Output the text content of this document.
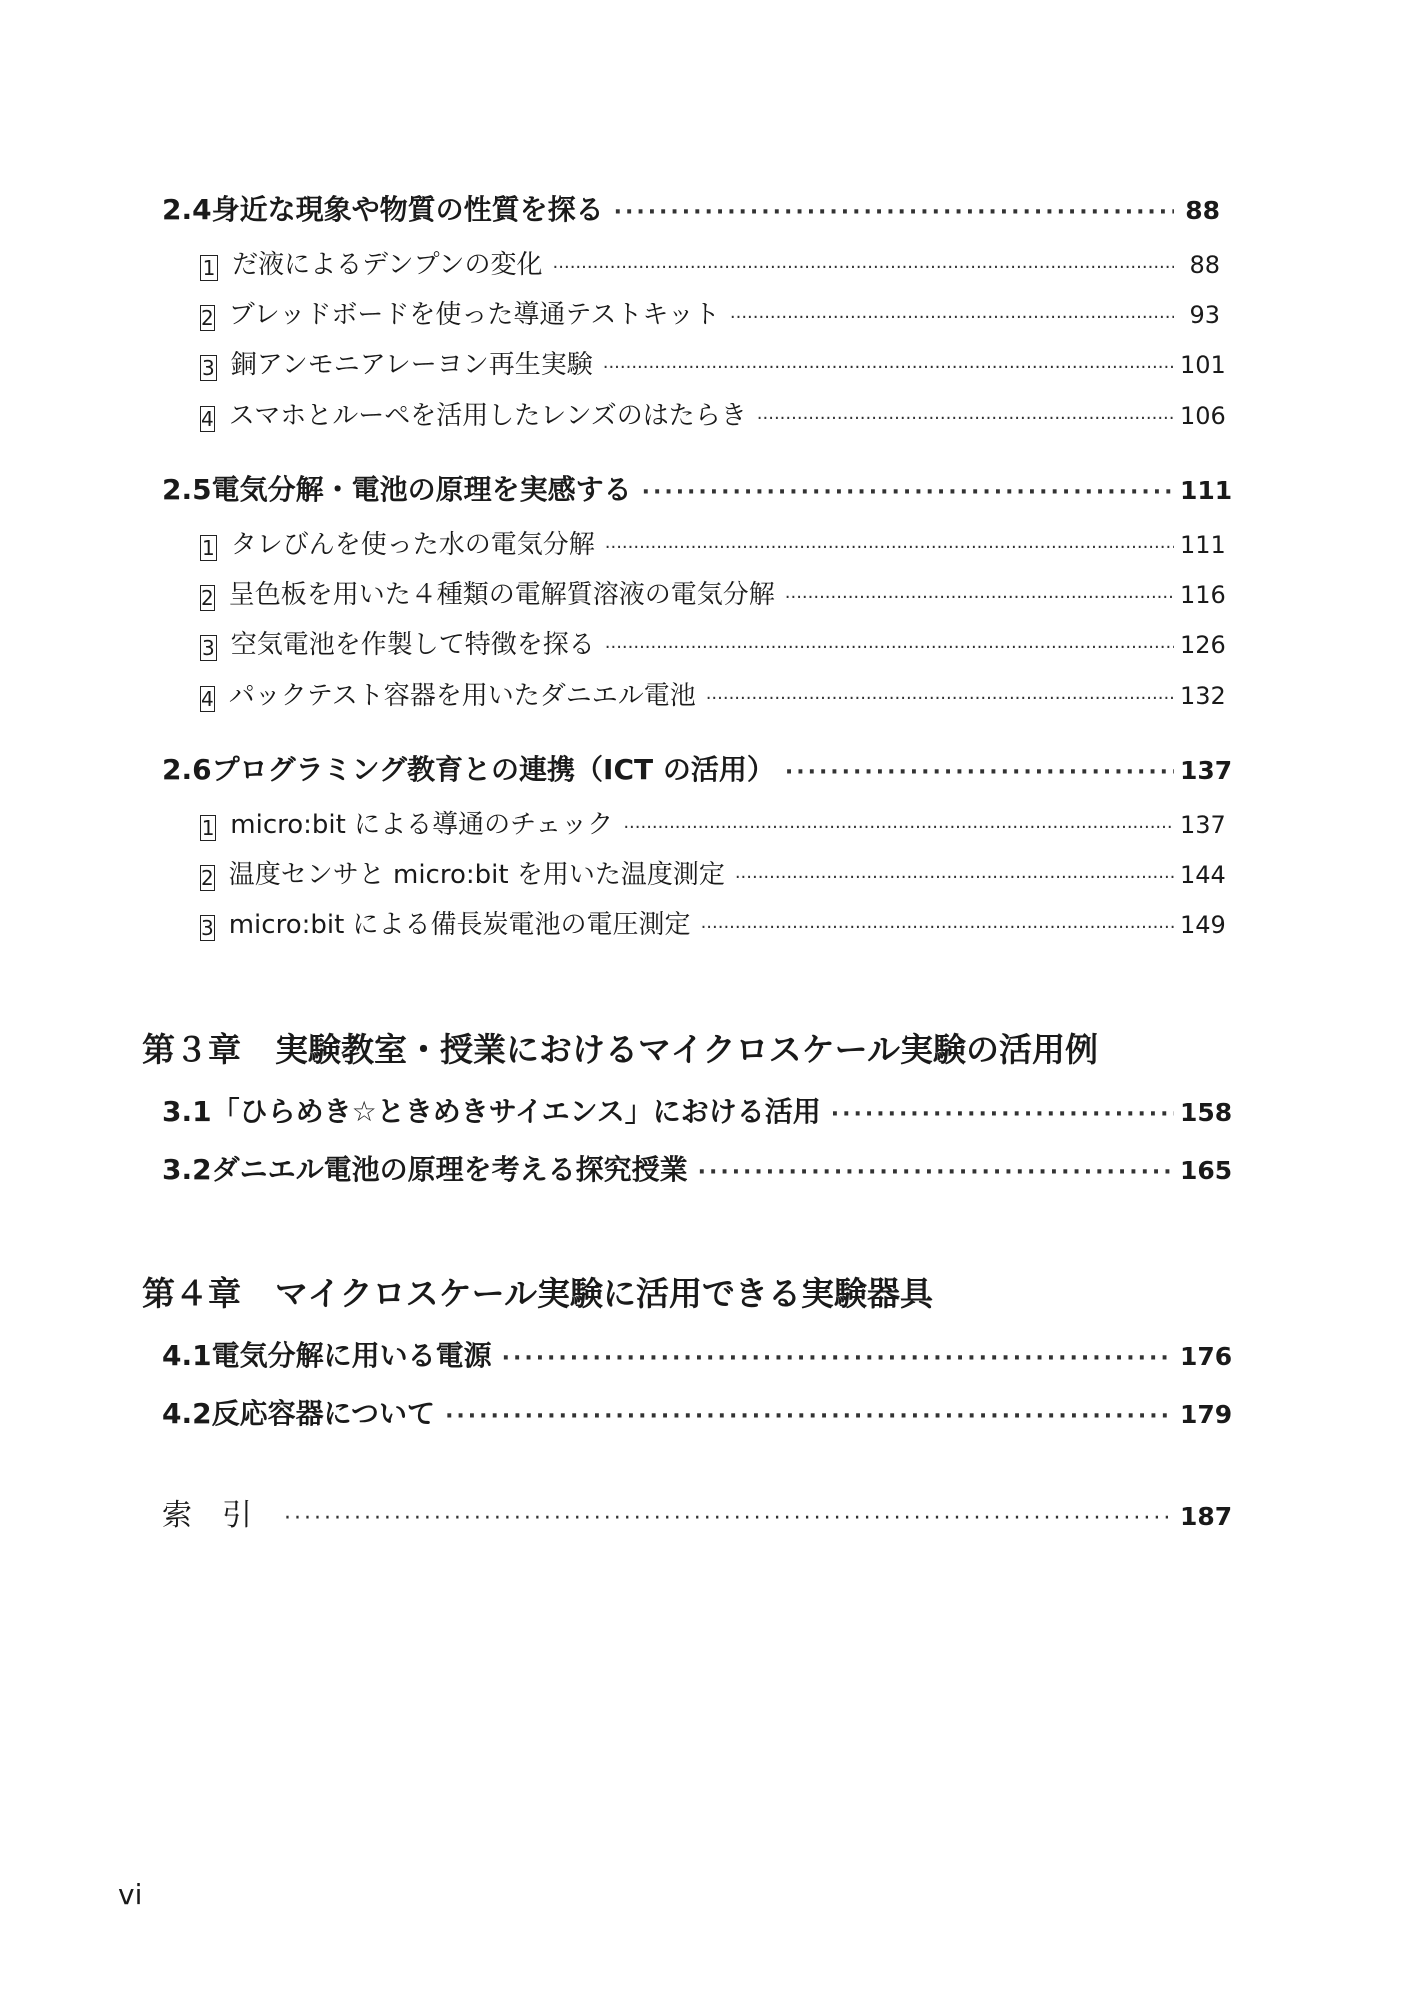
2.4 身近な現象や物質の性質を探る ·····	88
1 だ液によるデンプンの変化 ·····	88
2 ブレッドボードを使った導通テストキット ·····	93
3 銅アンモニアレーヨン再生実験 ·····	101
4 スマホとルーペを活用したレンズのはたらき ·····	106
2.5 電気分解・電池の原理を実感する ·····	111
1 タレびんを使った水の電気分解 ·····	111
2 呈色板を用いた４種類の電解質溶液の電気分解 ·····	116
3 空気電池を作製して特徴を探る ·····	126
4 パックテスト容器を用いたダニエル電池 ·····	132
2.6 プログラミング教育との連携（ICT の活用） ·····	137
1 micro:bit による導通のチェック ·····	137
2 温度センサと micro:bit を用いた温度測定 ·····	144
3 micro:bit による備長炭電池の電圧測定 ·····	149
第３章 実験教室・授業におけるマイクロスケール実験の活用例
3.1 「ひらめき☆ときめきサイエンス」における活用 ·····	158
3.2 ダニエル電池の原理を考える探究授業 ·····	165
第４章 マイクロスケール実験に活用できる実験器具
4.1 電気分解に用いる電源 ·····	176
4.2 反応容器について ·····	179
索　引 ·····	187
vi
